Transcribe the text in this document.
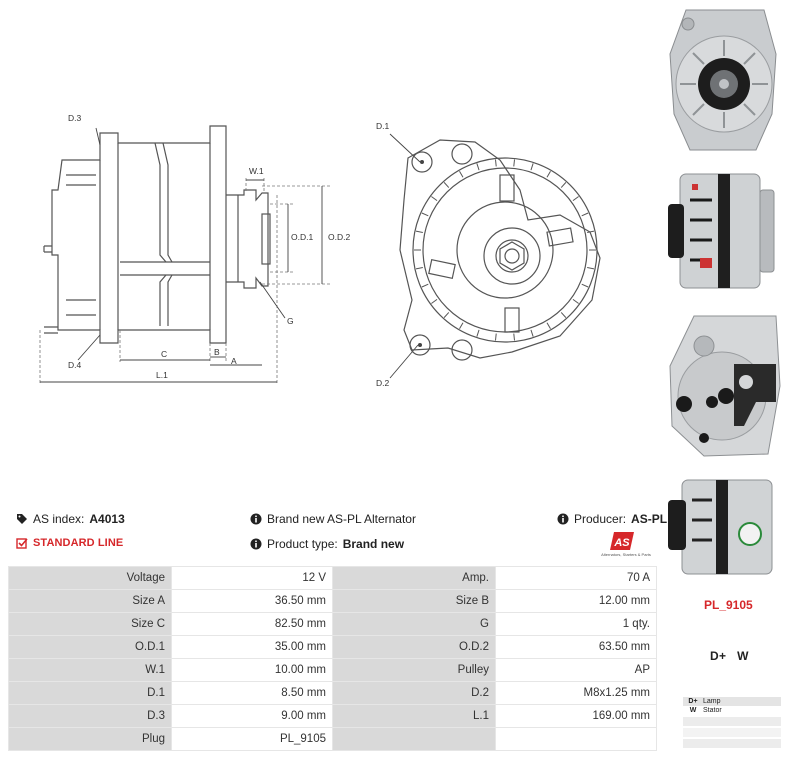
D.3
D.4
W.1
O.D.1 O.D.2
G
C	B
A
L.1
D.1
D.2
AS index: A4013
STANDARD LINE
Brand new AS-PL Alternator
Product type: Brand new
Producer: AS-PL
AS
Alternators, Starters & Parts
Voltage	12 V	Amp.	70 A
Size A	36.50 mm	Size B	12.00 mm
Size C	82.50 mm	G	1 qty.
O.D.1	35.00 mm	O.D.2	63.50 mm
W.1	10.00 mm	Pulley	AP
D.1	8.50 mm	D.2	M8x1.25 mm
D.3	9.00 mm	L.1	169.00 mm
Plug	PL_9105		
PL_9105
D+   W
D+ Lamp
W Stator
